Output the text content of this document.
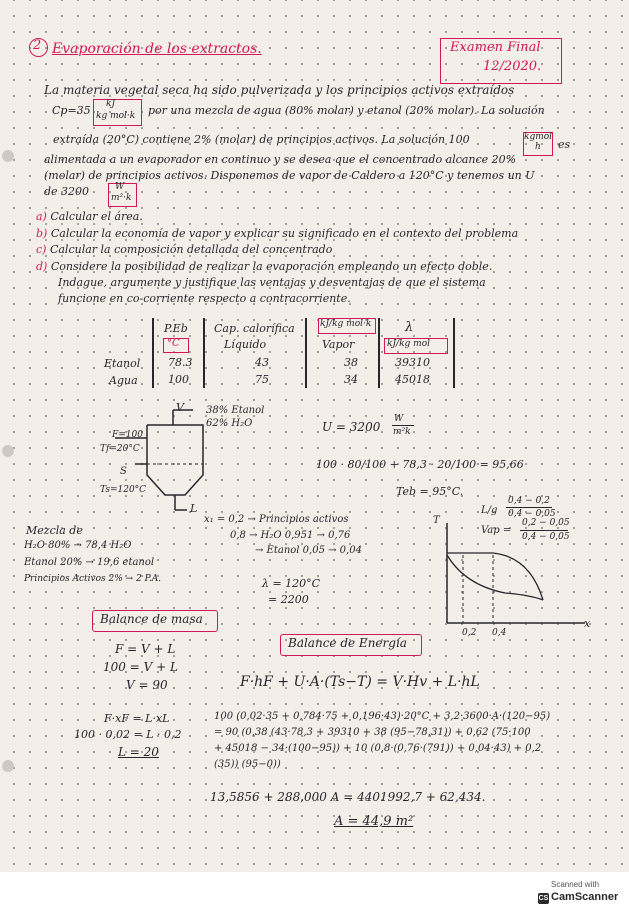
2 Evaporación de los extractos.	Examen Final
12/2020.
La materia vegetal seca ha sido pulverizada y los principios activos extraídos
Cp=35 kJ
kg mol·k por una mezcla de agua (80% molar) y etanol (20% molar). La solución
extraída (20°C) contiene 2% (molar) de principios activos. La solución 100	kgmol
h es
alimentada a un evaporador en continuo y se desea que el concentrado alcance 20%
(molar) de principios activos. Disponemos de vapor de Caldero a 120°C y tenemos un U
de 3200	W
m²·k
a) Calcular el área.
b) Calcular la economía de vapor y explicar su significado en el contexto del problema
c) Calcular la composición detallada del concentrado
d) Considere la posibilidad de realizar la evaporación empleando un efecto doble.
Indague, argumente y justifique las ventajas y desventajas de que el sistema
funcione en co-corriente respecto a contracorriente.
P.Eb
°C
Cap. calorífica
Líquido
kJ/kg mol·k
Vapor
λ
kJ/kg mol
Etanol	78.3	43	38	39310
Agua	100	75	34	45018
V 38% Etanol
62% H₂O
F=100
Tf=20°C
S
Ts=120°C
L
U = 3200
W
m²k
100 · 80/100 + 78,3 · 20/100 = 95,66
Teb = 95°C.
L/g
0,4 − 0,2
0,4 − 0,05
Vap =
0,2 − 0,05
0,4 − 0,05
x₁ = 0,2 → Principios activos
0,8 → H₂O 0,951 → 0,76
→ Etanol 0,05 → 0,04
Mezcla de
H₂O 80% → 78,4 H₂O
Etanol 20% → 19,6 etanol
Principios Activos 2% → 2 P.A.	λ = 120°C
= 2200
T
x
0,2 0,4
Balance de masa
F = V + L
100 = V + L
V = 90
F·xF = L·xL
100 · 0,02 = L · 0,2
L = 20
Balance de Energía
F·hF + U·A·(Ts−T) = V·Hv + L·hL
100 (0,02·35 + 0,784·75 + 0,196·43)·20°C + 3,2·3600·A·(120−95)
= 90 (0,38 (43·78,3 + 39310 + 38 (95−78,31)) + 0,62 (75·100
+ 45018 − 34·(100−95)) + 10 (0,8·(0,76·(791)) + 0,04·43) + 0,2
(35)) (95−0))
13,5856 + 288,000 A = 4401992,7 + 62,434.
A = 44,9 m²
Scanned with
CS CamScanner
